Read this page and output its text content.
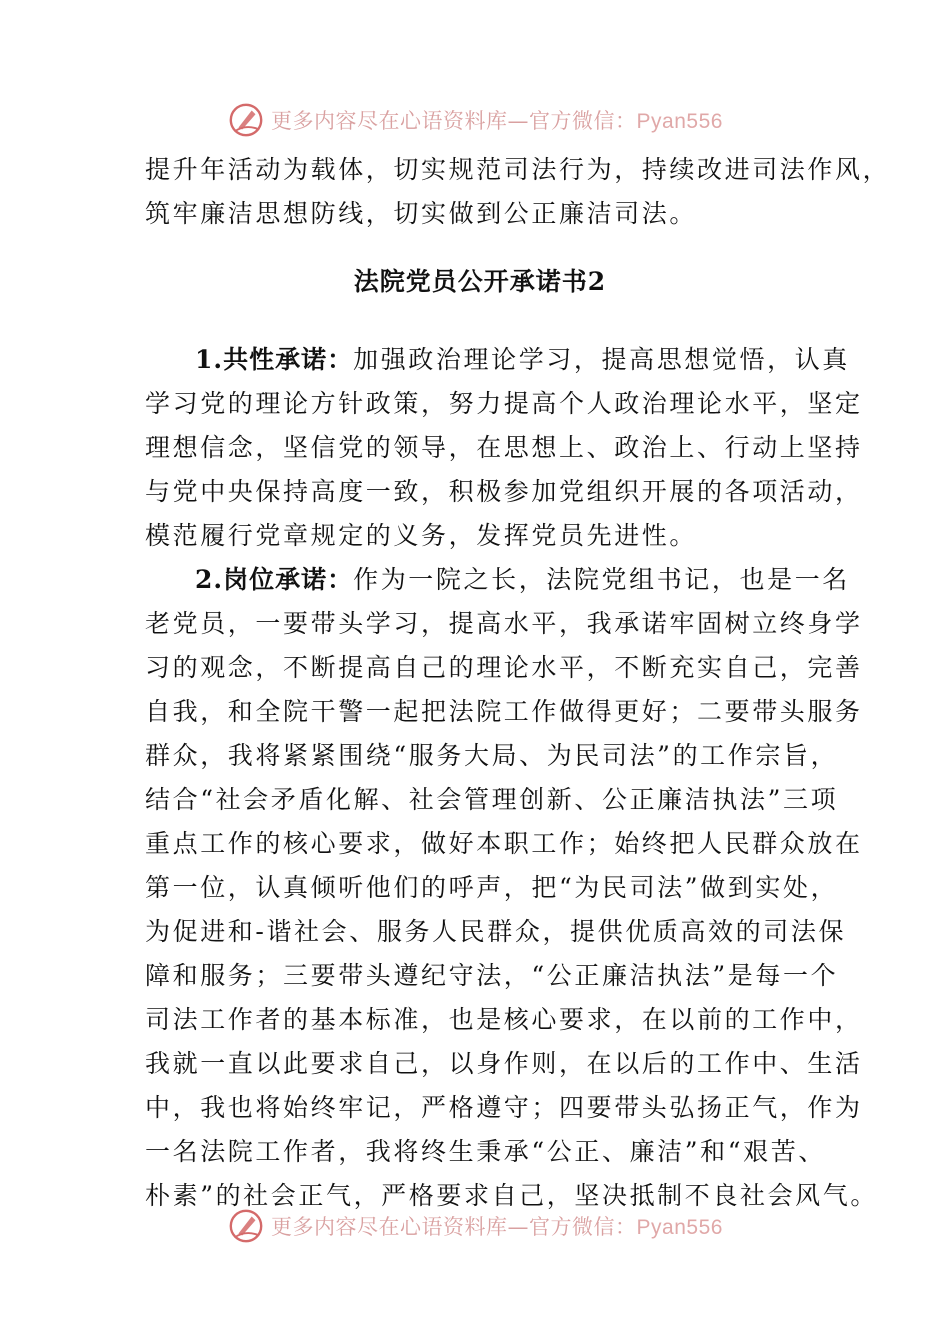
更多内容尽在心语资料库—官方微信：Pyan556
提升年活动为载体，切实规范司法行为，持续改进司法作风，
筑牢廉洁思想防线，切实做到公正廉洁司法。
法院党员公开承诺书2
1.共性承诺：加强政治理论学习，提高思想觉悟，认真
学习党的理论方针政策，努力提高个人政治理论水平，坚定
理想信念，坚信党的领导，在思想上、政治上、行动上坚持
与党中央保持高度一致，积极参加党组织开展的各项活动，
模范履行党章规定的义务，发挥党员先进性。
2.岗位承诺：作为一院之长，法院党组书记，也是一名
老党员，一要带头学习，提高水平，我承诺牢固树立终身学
习的观念，不断提高自己的理论水平，不断充实自己，完善
自我，和全院干警一起把法院工作做得更好；二要带头服务
群众，我将紧紧围绕“服务大局、为民司法”的工作宗旨，
结合“社会矛盾化解、社会管理创新、公正廉洁执法”三项
重点工作的核心要求，做好本职工作；始终把人民群众放在
第一位，认真倾听他们的呼声，把“为民司法”做到实处，
为促进和-谐社会、服务人民群众，提供优质高效的司法保
障和服务；三要带头遵纪守法，“公正廉洁执法”是每一个
司法工作者的基本标准，也是核心要求，在以前的工作中，
我就一直以此要求自己，以身作则，在以后的工作中、生活
中，我也将始终牢记，严格遵守；四要带头弘扬正气，作为
一名法院工作者，我将终生秉承“公正、廉洁”和“艰苦、
朴素”的社会正气，严格要求自己，坚决抵制不良社会风气。
更多内容尽在心语资料库—官方微信：Pyan556
